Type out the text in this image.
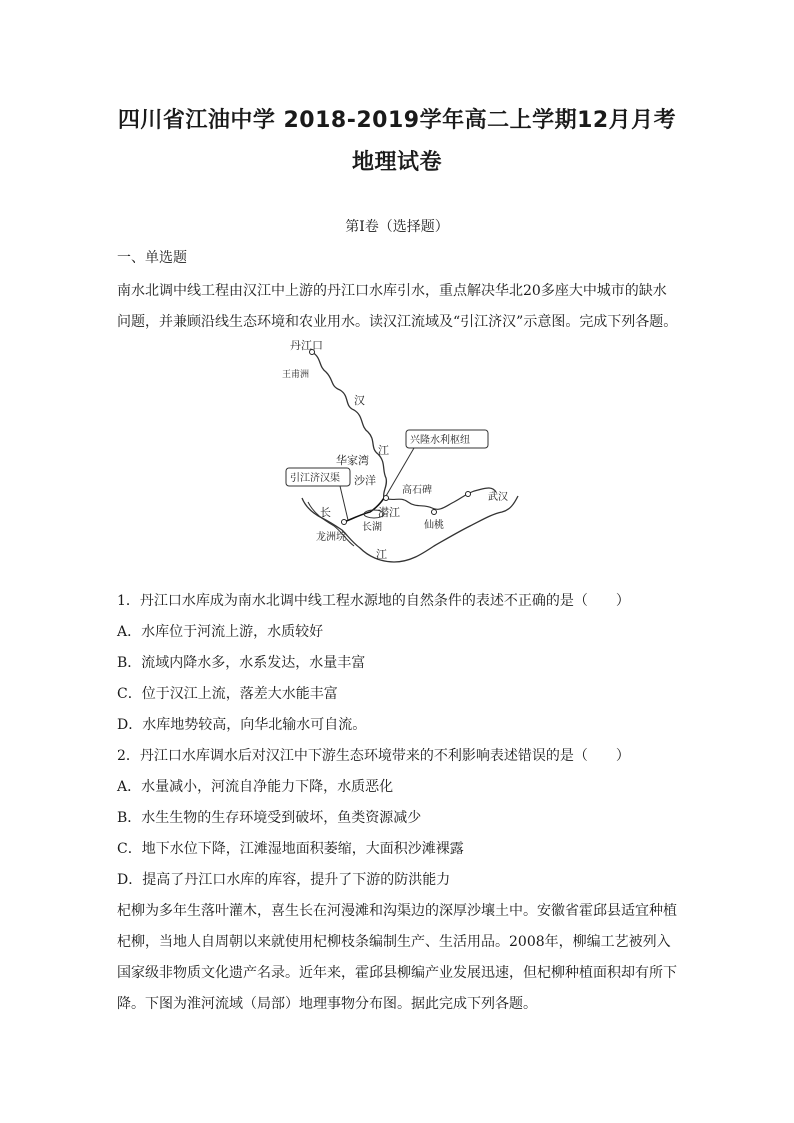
四川省江油中学 2018-2019学年高二上学期12月月考
地理试卷
第Ⅰ卷（选择题）
一、单选题
南水北调中线工程由汉江中上游的丹江口水库引水，重点解决华北20多座大中城市的缺水
问题，并兼顾沿线生态环境和农业用水。读汉江流域及“引江济汉”示意图。完成下列各题。
丹江口
王甫洲
汉
江
华家湾
沙洋
兴隆水利枢纽
引江济汉渠
高石碑
武汉
潜江
长湖	仙桃
长
龙洲垸
江
1．丹江口水库成为南水北调中线工程水源地的自然条件的表述不正确的是（　　）
A．水库位于河流上游，水质较好
B．流域内降水多，水系发达，水量丰富
C．位于汉江上流，落差大水能丰富
D．水库地势较高，向华北输水可自流。
2．丹江口水库调水后对汉江中下游生态环境带来的不利影响表述错误的是（　　）
A．水量减小，河流自净能力下降，水质恶化
B．水生生物的生存环境受到破坏，鱼类资源减少
C．地下水位下降，江滩湿地面积萎缩，大面积沙滩裸露
D．提高了丹江口水库的库容，提升了下游的防洪能力
杞柳为多年生落叶灌木，喜生长在河漫滩和沟渠边的深厚沙壤土中。安徽省霍邱县适宜种植
杞柳，当地人自周朝以来就使用杞柳枝条编制生产、生活用品。2008年，柳编工艺被列入
国家级非物质文化遗产名录。近年来，霍邱县柳编产业发展迅速，但杞柳种植面积却有所下
降。下图为淮河流域（局部）地理事物分布图。据此完成下列各题。
